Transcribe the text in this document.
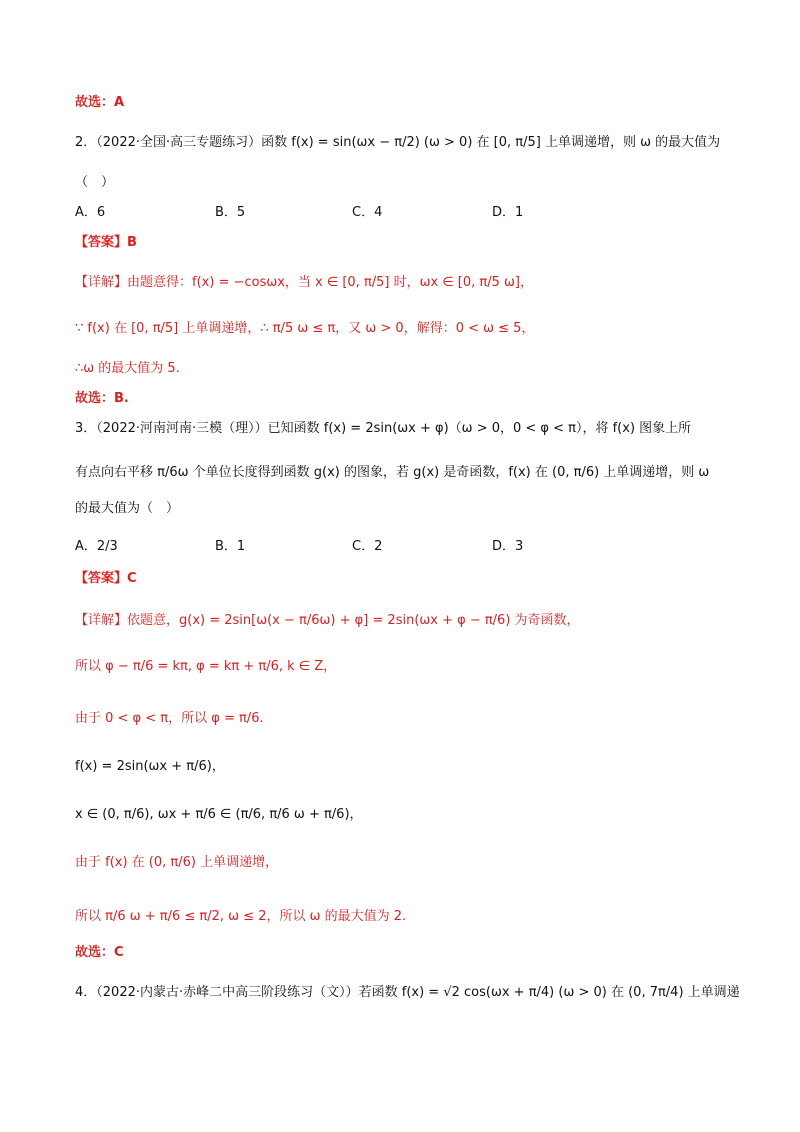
故选：A
2．（2022·全国·高三专题练习）函数 f(x) = sin(ωx − π/2) (ω > 0) 在 [0, π/5] 上单调递增，则 ω 的最大值为
（　）
A．6	B．5	C．4	D．1
【答案】B
【详解】由题意得：f(x) = −cosωx，当 x ∈ [0, π/5] 时，ωx ∈ [0, π/5 ω]，
∵ f(x) 在 [0, π/5] 上单调递增，∴ π/5 ω ≤ π，又 ω > 0，解得：0 < ω ≤ 5，
∴ω 的最大值为 5.
故选：B.
3．（2022·河南河南·三模（理））已知函数 f(x) = 2sin(ωx + φ)（ω > 0，0 < φ < π），将 f(x) 图象上所
有点向右平移 π/6ω 个单位长度得到函数 g(x) 的图象，若 g(x) 是奇函数，f(x) 在 (0, π/6) 上单调递增，则 ω
的最大值为（　）
A．2/3	B．1	C．2	D．3
【答案】C
【详解】依题意，g(x) = 2sin[ω(x − π/6ω) + φ] = 2sin(ωx + φ − π/6) 为奇函数，
所以 φ − π/6 = kπ, φ = kπ + π/6, k ∈ Z，
由于 0 < φ < π，所以 φ = π/6.
f(x) = 2sin(ωx + π/6)，
x ∈ (0, π/6), ωx + π/6 ∈ (π/6, π/6 ω + π/6)，
由于 f(x) 在 (0, π/6) 上单调递增，
所以 π/6 ω + π/6 ≤ π/2, ω ≤ 2，所以 ω 的最大值为 2.
故选：C
4．（2022·内蒙古·赤峰二中高三阶段练习（文））若函数 f(x) = √2 cos(ωx + π/4) (ω > 0) 在 (0, 7π/4) 上单调递
